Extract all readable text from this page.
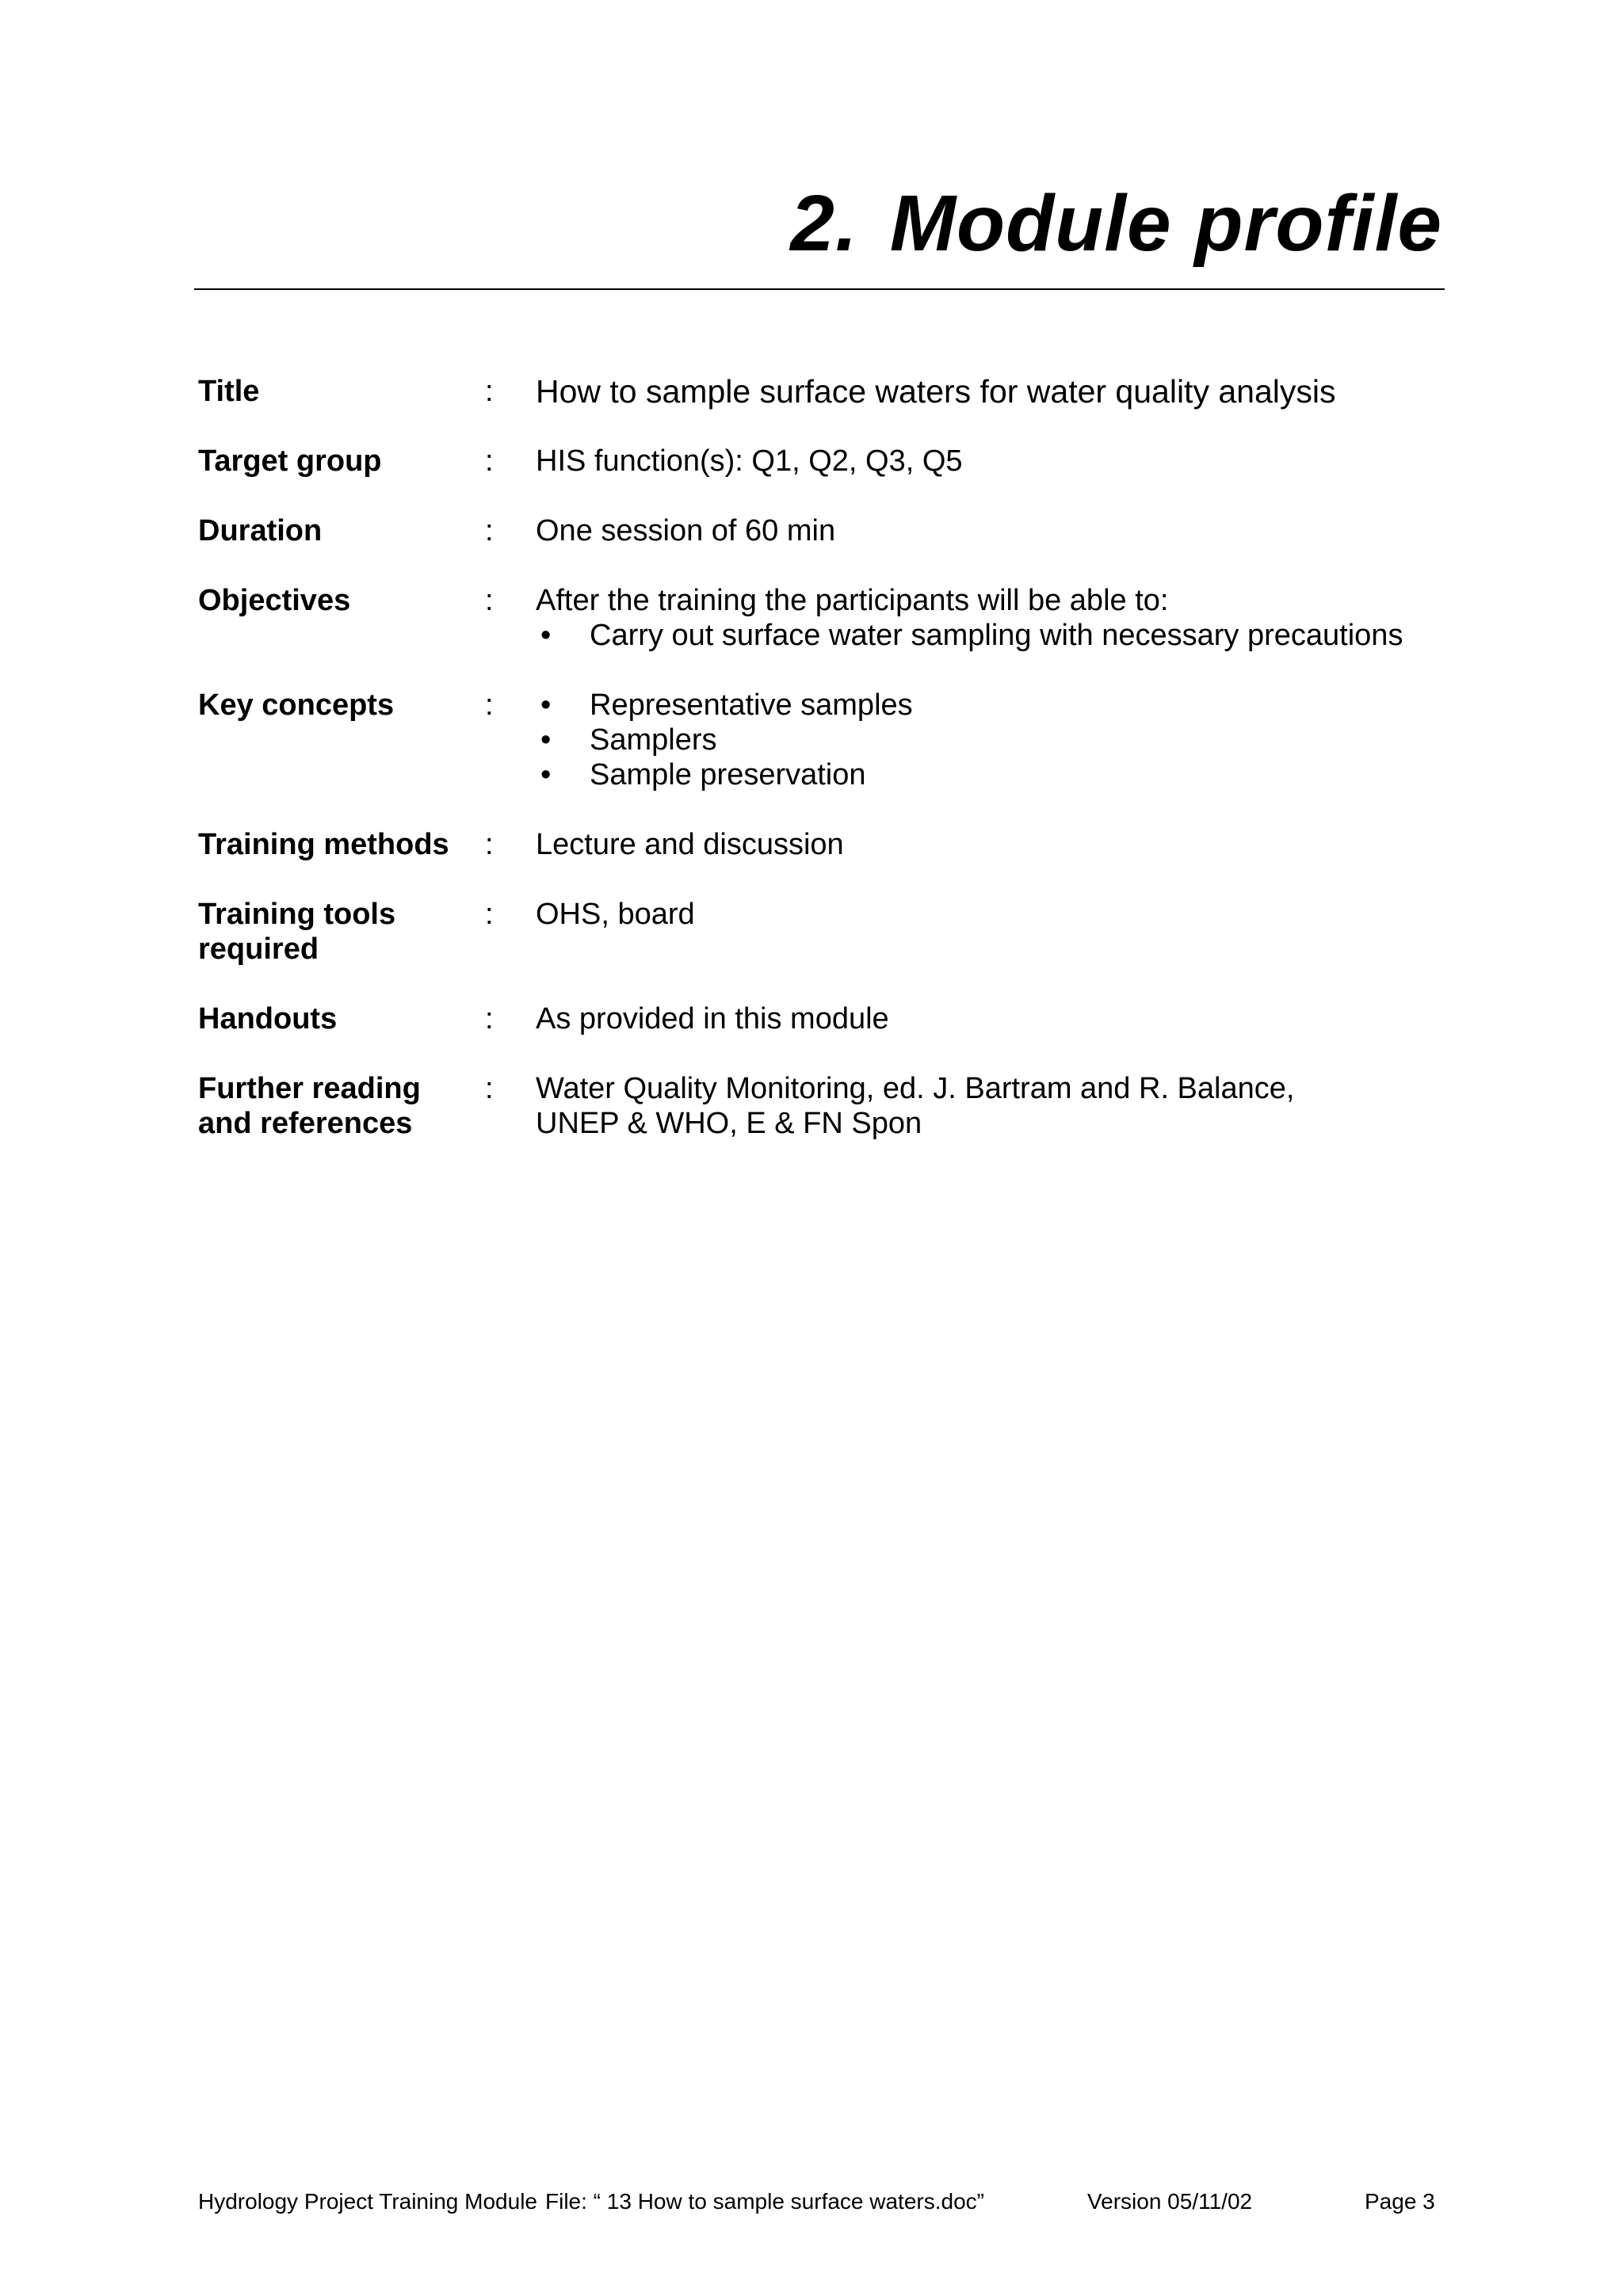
2. Module profile
Title	:	How to sample surface waters for water quality analysis
Target group	:	HIS function(s): Q1, Q2, Q3, Q5
Duration	:	One session of 60 min
Objectives	:	After the training the participants will be able to:
• Carry out surface water sampling with necessary precautions
Key concepts	:
•	Representative samples
• Samplers
• Sample preservation
Training methods	:	Lecture and discussion
Training tools required
:	OHS, board
Handouts	:	As provided in this module
Further reading and references
:	Water Quality Monitoring, ed. J. Bartram and R. Balance,
UNEP & WHO, E & FN Spon
Hydrology Project Training Module File: “ 13 How to sample surface waters.doc”	Version 05/11/02	Page 3
